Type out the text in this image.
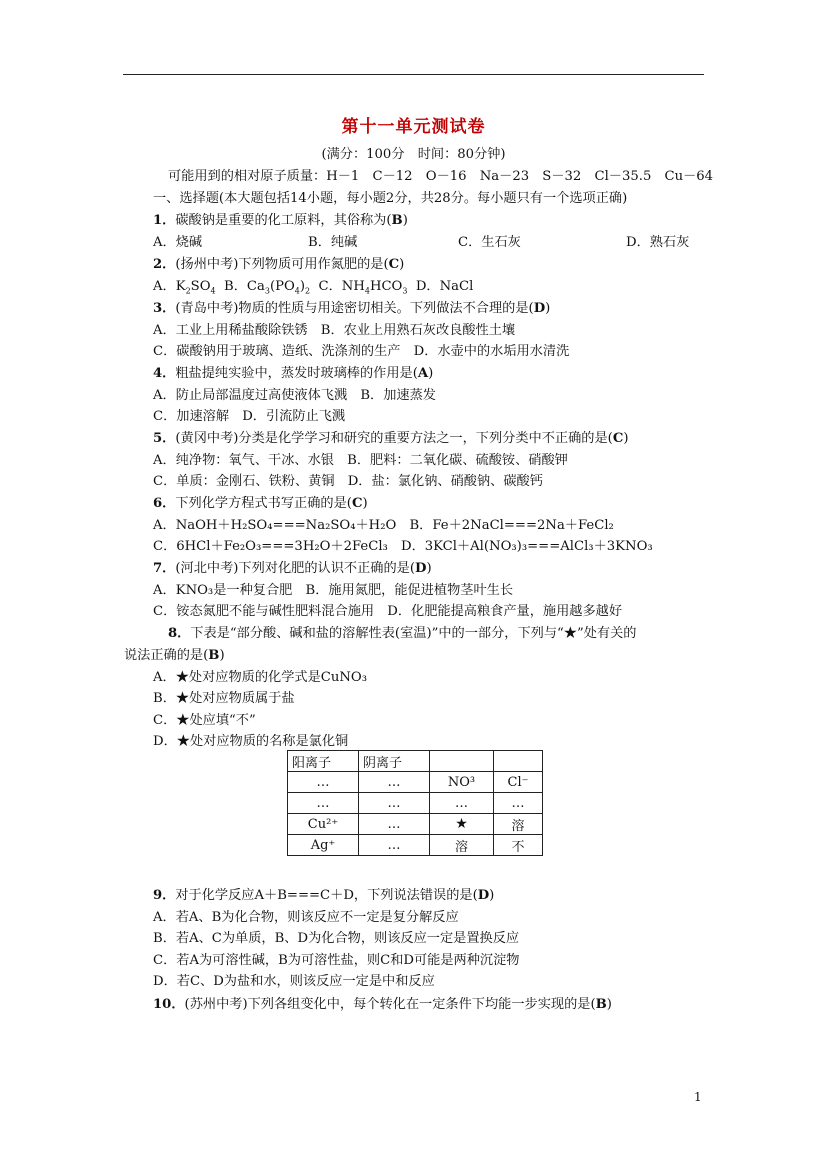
第十一单元测试卷
(满分：100分　时间：80分钟)
可能用到的相对原子质量：H－1　C－12　O－16　Na－23　S－32　Cl－35.5　Cu－64
一、选择题(本大题包括14小题，每小题2分，共28分。每小题只有一个选项正确)
1．碳酸钠是重要的化工原料，其俗称为(B)
A．烧碱	B．纯碱	C．生石灰	D．熟石灰
2．(扬州中考)下列物质可用作氮肥的是(C)
A．$K_2SO_4$ B．$Ca_3(PO_4)_2$ C．$NH_4HCO_3$ D．NaCl
3．(青岛中考)物质的性质与用途密切相关。下列做法不合理的是(D)
A．工业上用稀盐酸除铁锈　B．农业上用熟石灰改良酸性土壤
C．碳酸钠用于玻璃、造纸、洗涤剂的生产　D．水壶中的水垢用水清洗
4．粗盐提纯实验中，蒸发时玻璃棒的作用是(A)
A．防止局部温度过高使液体飞溅　B．加速蒸发
C．加速溶解　D．引流防止飞溅
5．(黄冈中考)分类是化学学习和研究的重要方法之一，下列分类中不正确的是(C)
A．纯净物：氧气、干冰、水银　B．肥料：二氧化碳、硫酸铵、硝酸钾
C．单质：金刚石、铁粉、黄铜　D．盐：氯化钠、硝酸钠、碳酸钙
6．下列化学方程式书写正确的是(C)
A．NaOH＋H₂SO₄===Na₂SO₄＋H₂O　B．Fe＋2NaCl===2Na＋FeCl₂
C．6HCl＋Fe₂O₃===3H₂O＋2FeCl₃　D．3KCl＋Al(NO₃)₃===AlCl₃＋3KNO₃
7．(河北中考)下列对化肥的认识不正确的是(D)
A．KNO₃是一种复合肥　B．施用氮肥，能促进植物茎叶生长
C．铵态氮肥不能与碱性肥料混合施用　D．化肥能提高粮食产量，施用越多越好
8．下表是“部分酸、碱和盐的溶解性表(室温)”中的一部分，下列与“★”处有关的
说法正确的是(B)
A．★处对应物质的化学式是CuNO₃
B．★处对应物质属于盐
C．★处应填“不”
D．★处对应物质的名称是氯化铜
阳离子	阴离子		
…	…	NO³	Cl⁻
…	…	…	…
Cu²⁺	…	★	溶
Ag⁺	…	溶	不
9．对于化学反应A＋B===C＋D，下列说法错误的是(D)
A．若A、B为化合物，则该反应不一定是复分解反应
B．若A、C为单质，B、D为化合物，则该反应一定是置换反应
C．若A为可溶性碱，B为可溶性盐，则C和D可能是两种沉淀物
D．若C、D为盐和水，则该反应一定是中和反应
10．(苏州中考)下列各组变化中，每个转化在一定条件下均能一步实现的是(B)
1
